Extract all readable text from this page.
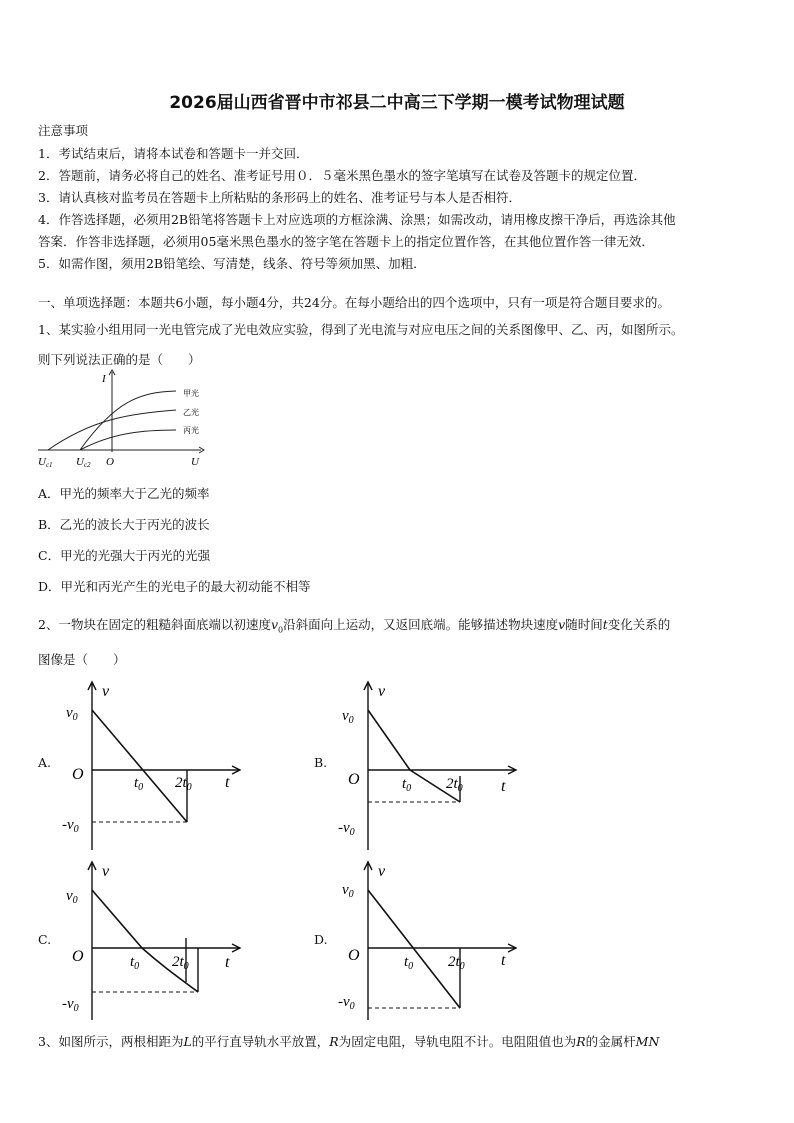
2026届山西省晋中市祁县二中高三下学期一模考试物理试题
注意事项
1．考试结束后，请将本试卷和答题卡一并交回．
2．答题前，请务必将自己的姓名、准考证号用０．５毫米黑色墨水的签字笔填写在试卷及答题卡的规定位置．
3．请认真核对监考员在答题卡上所粘贴的条形码上的姓名、准考证号与本人是否相符．
4．作答选择题，必须用2B铅笔将答题卡上对应选项的方框涂满、涂黑；如需改动，请用橡皮擦干净后，再选涂其他
答案．作答非选择题，必须用05毫米黑色墨水的签字笔在答题卡上的指定位置作答，在其他位置作答一律无效．
5．如需作图，须用2B铅笔绘、写清楚，线条、符号等须加黑、加粗．
一、单项选择题：本题共6小题，每小题4分，共24分。在每小题给出的四个选项中，只有一项是符合题目要求的。
1、某实验小组用同一光电管完成了光电效应实验，得到了光电流与对应电压之间的关系图像甲、乙、丙，如图所示。
则下列说法正确的是（　　）
I
U
O
Uc1 Uc2
甲光
乙光
丙光
A．甲光的频率大于乙光的频率
B．乙光的波长大于丙光的波长
C．甲光的光强大于丙光的光强
D．甲光和丙光产生的光电子的最大初动能不相等
2、一物块在固定的粗糙斜面底端以初速度$v_0$沿斜面向上运动，又返回底端。能够描述物块速度v随时间t变化关系的
图像是（　　）
A.	B.
C.	D.
v
t
O
$v_0$
$-v_0$
$t_0$ $2t_0$
v
t
O
$v_0$
$-v_0$
$t_0$ $2t_0$
v
t
O
$v_0$
$-v_0$
$t_0$ $2t_0$
v
t
O
$v_0$
$-v_0$
$t_0$ $2t_0$
3、如图所示，两根相距为L的平行直导轨水平放置，R为固定电阻，导轨电阻不计。电阻阻值也为R的金属杆MN
